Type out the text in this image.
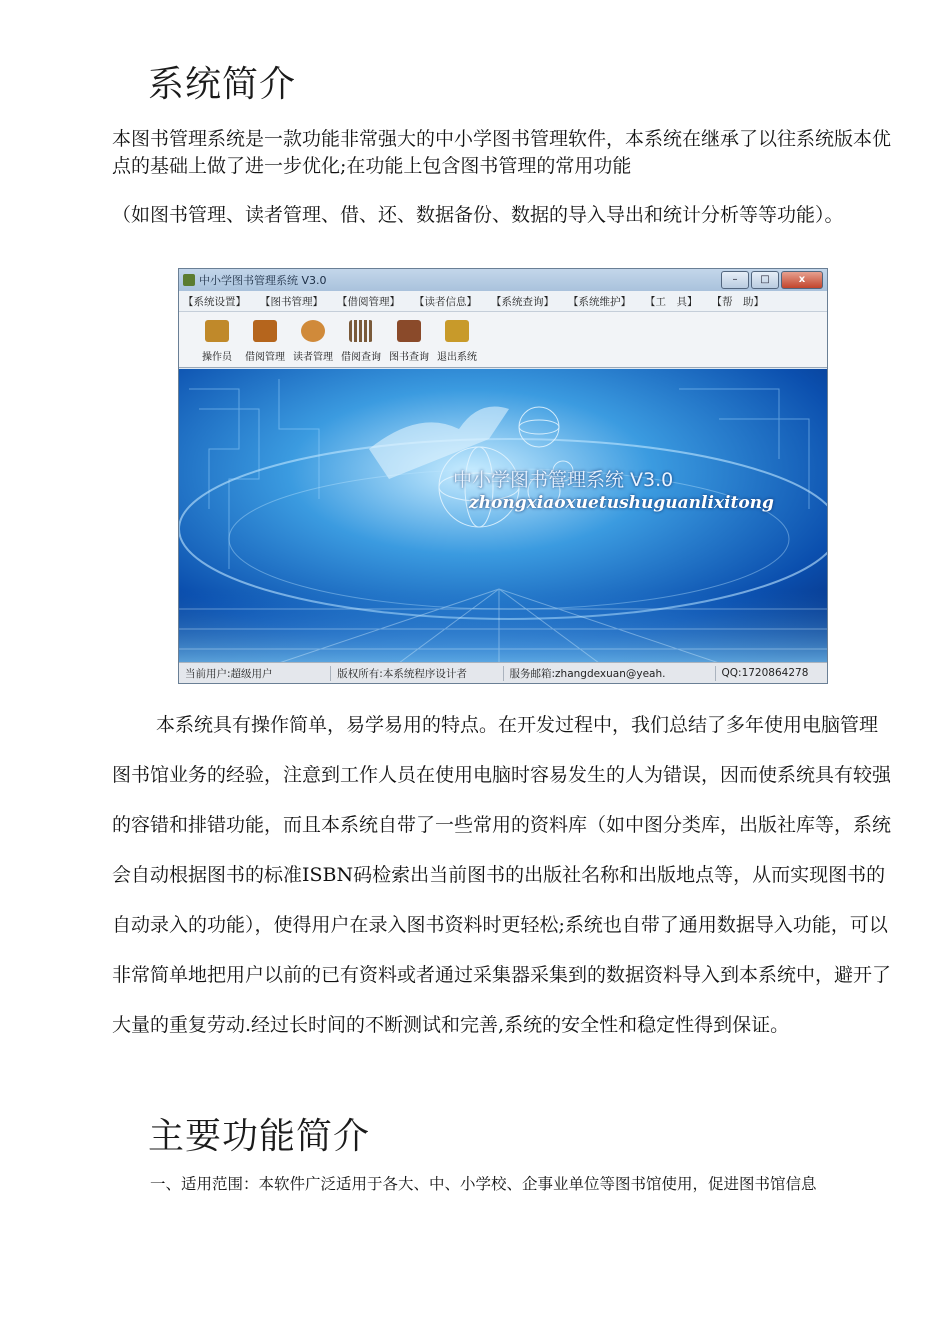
系统简介

本图书管理系统是一款功能非常强大的中小学图书管理软件，本系统在继承了以往系统版本优点的基础上做了进一步优化;在功能上包含图书管理的常用功能

（如图书管理、读者管理、借、还、数据备份、数据的导入导出和统计分析等等功能）。

中小学图书管理系统 V3.0	–	□	x
【系统设置】 【图书管理】 【借阅管理】 【读者信息】 【系统查询】 【系统维护】 【工　具】 【帮　助】
操作员 借阅管理 读者管理 借阅查询 图书查询 退出系统
中小学图书管理系统 V3.0
zhongxiaoxuetushuguanlixitong
当前用户:超级用户	版权所有:本系统程序设计者	服务邮箱:zhangdexuan@yeah.	QQ:1720864278

本系统具有操作简单，易学易用的特点。在开发过程中，我们总结了多年使用电脑管理图书馆业务的经验，注意到工作人员在使用电脑时容易发生的人为错误，因而使系统具有较强的容错和排错功能，而且本系统自带了一些常用的资料库（如中图分类库，出版社库等，系统会自动根据图书的标准ISBN码检索出当前图书的出版社名称和出版地点等，从而实现图书的自动录入的功能），使得用户在录入图书资料时更轻松;系统也自带了通用数据导入功能，可以非常简单地把用户以前的已有资料或者通过采集器采集到的数据资料导入到本系统中，避开了大量的重复劳动.经过长时间的不断测试和完善,系统的安全性和稳定性得到保证。

主要功能简介

一、适用范围：本软件广泛适用于各大、中、小学校、企事业单位等图书馆使用，促进图书馆信息
